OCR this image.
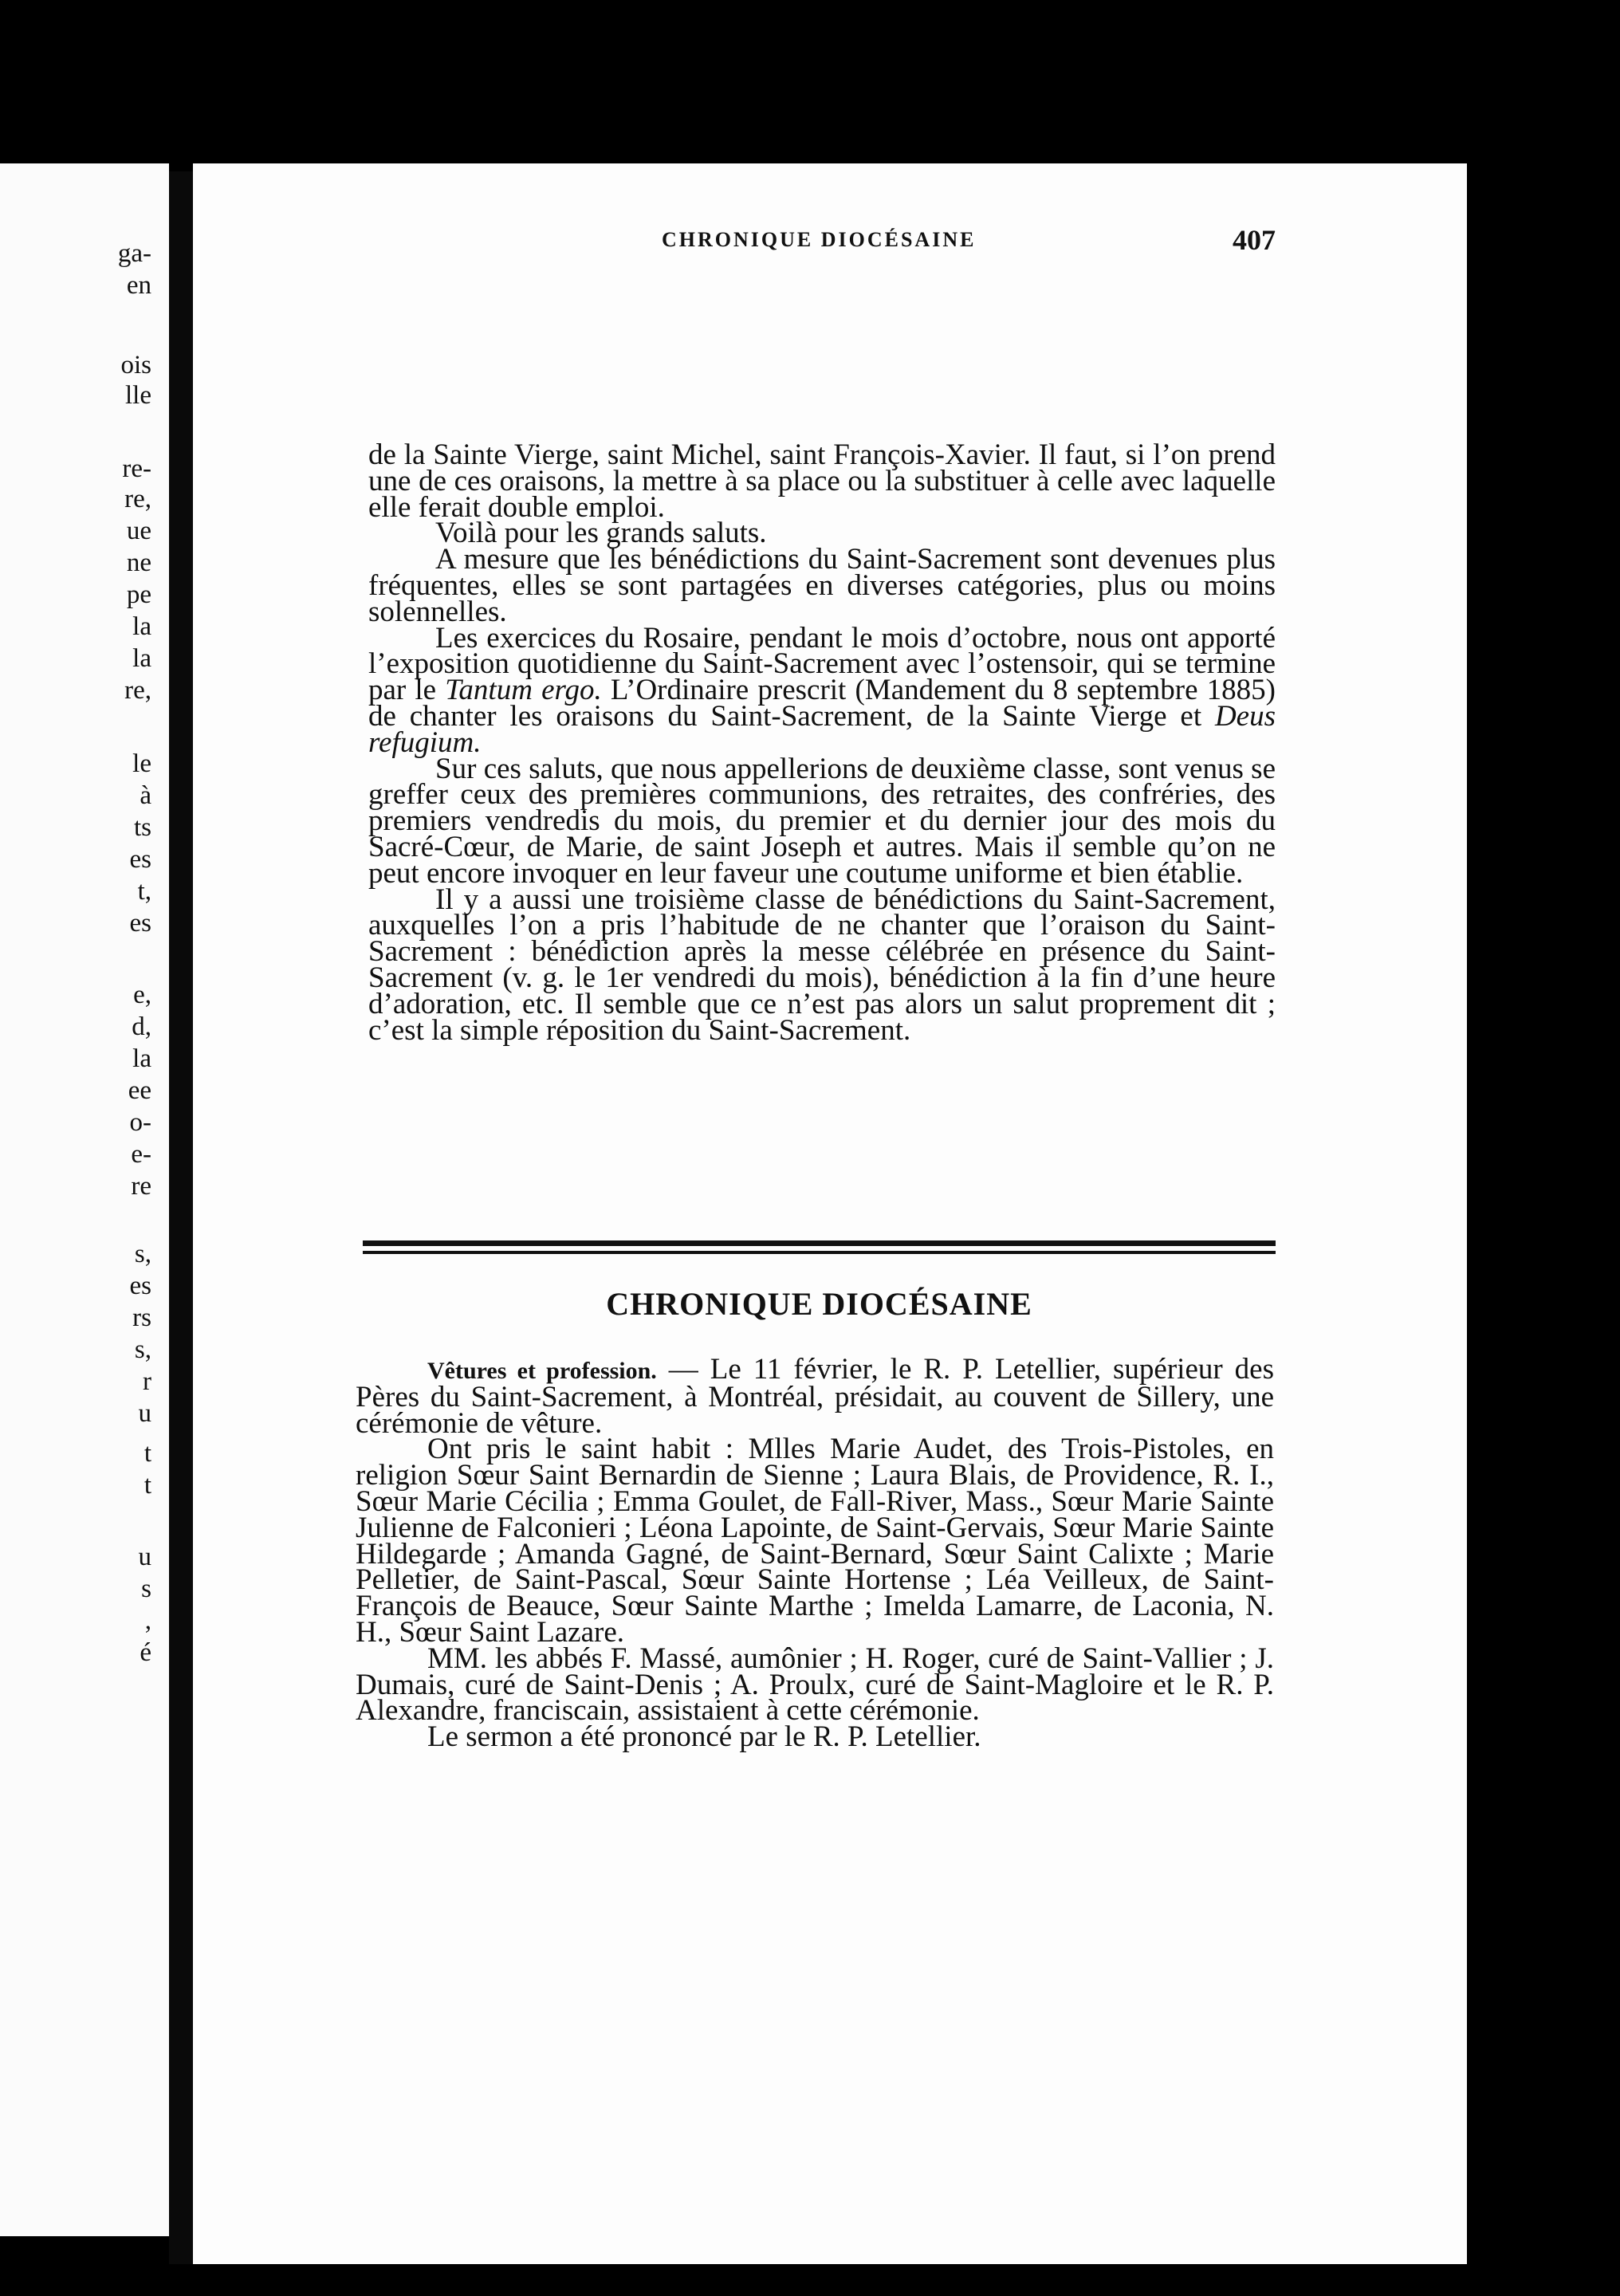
ga-
en
ois
lle
re-
re,
ue
ne
pe
la
la
re,
le
à
ts
es
t,
es
e,
d,
la
ee
o-
e-
re
s,
es
rs
s,
r
u
t
t
u
s
,
é
CHRONIQUE DIOCÉSAINE	407

de la Sainte Vierge, saint Michel, saint François-Xavier. Il faut, si l’on prend une de ces oraisons, la mettre à sa place ou la substituer à celle avec laquelle elle ferait double emploi.

Voilà pour les grands saluts.

A mesure que les bénédictions du Saint-Sacrement sont devenues plus fréquentes, elles se sont partagées en diverses catégories, plus ou moins solennelles.

Les exercices du Rosaire, pendant le mois d’octobre, nous ont apporté l’exposition quotidienne du Saint-Sacrement avec l’ostensoir, qui se termine par le Tantum ergo. L’Ordinaire prescrit (Mandement du 8 septembre 1885) de chanter les oraisons du Saint-Sacrement, de la Sainte Vierge et Deus refugium.

Sur ces saluts, que nous appellerions de deuxième classe, sont venus se greffer ceux des premières communions, des retraites, des confréries, des premiers vendredis du mois, du premier et du dernier jour des mois du Sacré-Cœur, de Marie, de saint Joseph et autres. Mais il semble qu’on ne peut encore invoquer en leur faveur une coutume uniforme et bien établie.

Il y a aussi une troisième classe de bénédictions du Saint-Sacrement, auxquelles l’on a pris l’habitude de ne chanter que l’oraison du Saint-Sacrement : bénédiction après la messe célébrée en présence du Saint-Sacrement (v. g. le 1er vendredi du mois), bénédiction à la fin d’une heure d’adoration, etc. Il semble que ce n’est pas alors un salut proprement dit ; c’est la simple réposition du Saint-Sacrement.

CHRONIQUE DIOCÉSAINE

Vêtures et profession. — Le 11 février, le R. P. Letellier, supérieur des Pères du Saint-Sacrement, à Montréal, présidait, au couvent de Sillery, une cérémonie de vêture.

Ont pris le saint habit : Mlles Marie Audet, des Trois-Pistoles, en religion Sœur Saint Bernardin de Sienne ; Laura Blais, de Providence, R. I., Sœur Marie Cécilia ; Emma Goulet, de Fall-River, Mass., Sœur Marie Sainte Julienne de Falconieri ; Léona Lapointe, de Saint-Gervais, Sœur Marie Sainte Hildegarde ; Amanda Gagné, de Saint-Bernard, Sœur Saint Calixte ; Marie Pelletier, de Saint-Pascal, Sœur Sainte Hortense ; Léa Veilleux, de Saint-François de Beauce, Sœur Sainte Marthe ; Imelda Lamarre, de Laconia, N. H., Sœur Saint Lazare.

MM. les abbés F. Massé, aumônier ; H. Roger, curé de Saint-Vallier ; J. Dumais, curé de Saint-Denis ; A. Proulx, curé de Saint-Magloire et le R. P. Alexandre, franciscain, assistaient à cette cérémonie.

Le sermon a été prononcé par le R. P. Letellier.
